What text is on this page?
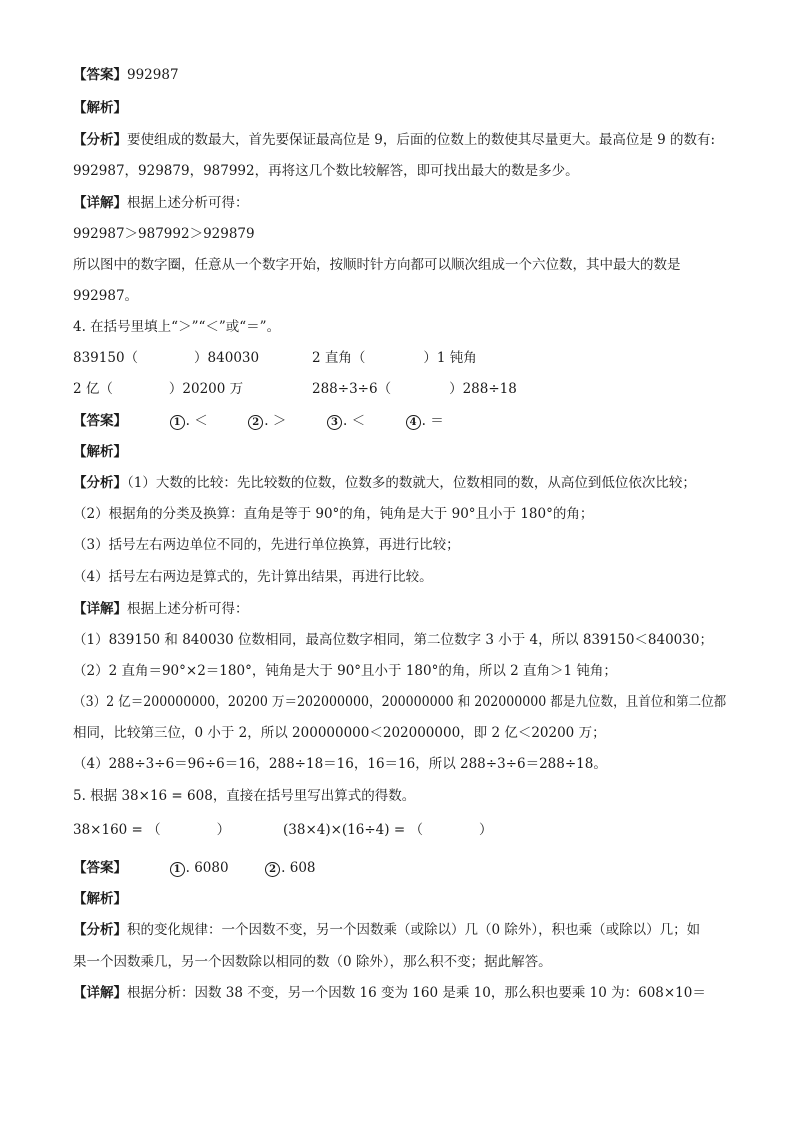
【答案】992987
【解析】
【分析】要使组成的数最大，首先要保证最高位是 9，后面的位数上的数使其尽量更大。最高位是 9 的数有:
992987，929879，987992，再将这几个数比较解答，即可找出最大的数是多少。
【详解】根据上述分析可得：
992987＞987992＞929879
所以图中的数字圈，任意从一个数字开始，按顺时针方向都可以顺次组成一个六位数，其中最大的数是
992987。
4. 在括号里填上“＞”“＜”或“＝”。
839150（	）840030	2 直角（	）1 钝角
2 亿（	）20200 万	288÷3÷6（	）288÷18
【答案】	1 . ＜	2 . ＞	3 . ＜	4 . ＝
【解析】
【分析】（1）大数的比较：先比较数的位数，位数多的数就大，位数相同的数，从高位到低位依次比较；
（2）根据角的分类及换算：直角是等于 90°的角，钝角是大于 90°且小于 180°的角；
（3）括号左右两边单位不同的，先进行单位换算，再进行比较；
（4）括号左右两边是算式的，先计算出结果，再进行比较。
【详解】根据上述分析可得：
（1）839150 和 840030 位数相同，最高位数字相同，第二位数字 3 小于 4，所以 839150＜840030；
（2）2 直角＝90°×2＝180°，钝角是大于 90°且小于 180°的角，所以 2 直角＞1 钝角；
（3）2 亿＝200000000，20200 万＝202000000，200000000 和 202000000 都是九位数，且首位和第二位都
相同，比较第三位，0 小于 2，所以 200000000＜202000000，即 2 亿＜20200 万；
（4）288÷3÷6＝96÷6＝16，288÷18＝16，16＝16，所以 288÷3÷6＝288÷18。
5. 根据 38×16 = 608，直接在括号里写出算式的得数。
38×160 = （	）	(38×4)×(16÷4) = （	）
【答案】	1 . 6080	2 . 608
【解析】
【分析】积的变化规律：一个因数不变，另一个因数乘（或除以）几（0 除外），积也乘（或除以）几；如
果一个因数乘几，另一个因数除以相同的数（0 除外），那么积不变；据此解答。
【详解】根据分析：因数 38 不变，另一个因数 16 变为 160 是乘 10，那么积也要乘 10 为：608×10＝
